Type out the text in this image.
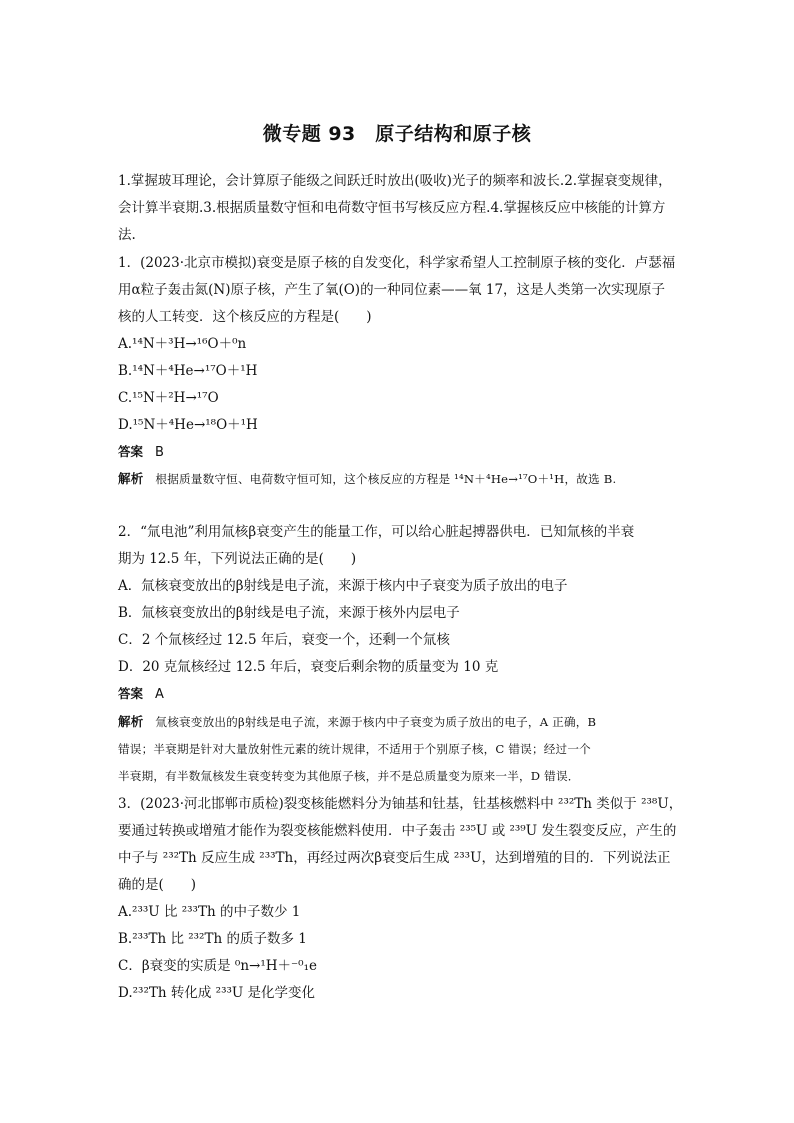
微专题 93　原子结构和原子核
1.掌握玻耳理论，会计算原子能级之间跃迁时放出(吸收)光子的频率和波长.2.掌握衰变规律，
会计算半衰期.3.根据质量数守恒和电荷数守恒书写核反应方程.4.掌握核反应中核能的计算方
法.
1．(2023·北京市模拟)衰变是原子核的自发变化，科学家希望人工控制原子核的变化．卢瑟福
用α粒子轰击氮(N)原子核，产生了氧(O)的一种同位素——氧 17，这是人类第一次实现原子
核的人工转变．这个核反应的方程是(　　)
A.¹⁴N＋³H→¹⁶O＋⁰n
B.¹⁴N＋⁴He→¹⁷O＋¹H
C.¹⁵N＋²H→¹⁷O
D.¹⁵N＋⁴He→¹⁸O＋¹H
答案 B
解析 根据质量数守恒、电荷数守恒可知，这个核反应的方程是 ¹⁴N＋⁴He→¹⁷O＋¹H，故选 B.
2．“氚电池”利用氚核β衰变产生的能量工作，可以给心脏起搏器供电．已知氚核的半衰
期为 12.5 年，下列说法正确的是(　　)
A．氚核衰变放出的β射线是电子流，来源于核内中子衰变为质子放出的电子
B．氚核衰变放出的β射线是电子流，来源于核外内层电子
C．2 个氚核经过 12.5 年后，衰变一个，还剩一个氚核
D．20 克氚核经过 12.5 年后，衰变后剩余物的质量变为 10 克
答案 A
解析 氚核衰变放出的β射线是电子流，来源于核内中子衰变为质子放出的电子，A 正确，B
错误；半衰期是针对大量放射性元素的统计规律，不适用于个别原子核，C 错误；经过一个
半衰期，有半数氚核发生衰变转变为其他原子核，并不是总质量变为原来一半，D 错误．
3．(2023·河北邯郸市质检)裂变核能燃料分为铀基和钍基，钍基核燃料中 ²³²Th 类似于 ²³⁸U，
要通过转换或增殖才能作为裂变核能燃料使用．中子轰击 ²³⁵U 或 ²³⁹U 发生裂变反应，产生的
中子与 ²³²Th 反应生成 ²³³Th，再经过两次β衰变后生成 ²³³U，达到增殖的目的．下列说法正
确的是(　　)
A.²³³U 比 ²³³Th 的中子数少 1
B.²³³Th 比 ²³²Th 的质子数多 1
C．β衰变的实质是 ⁰n→¹H＋⁻⁰₁e
D.²³²Th 转化成 ²³³U 是化学变化
